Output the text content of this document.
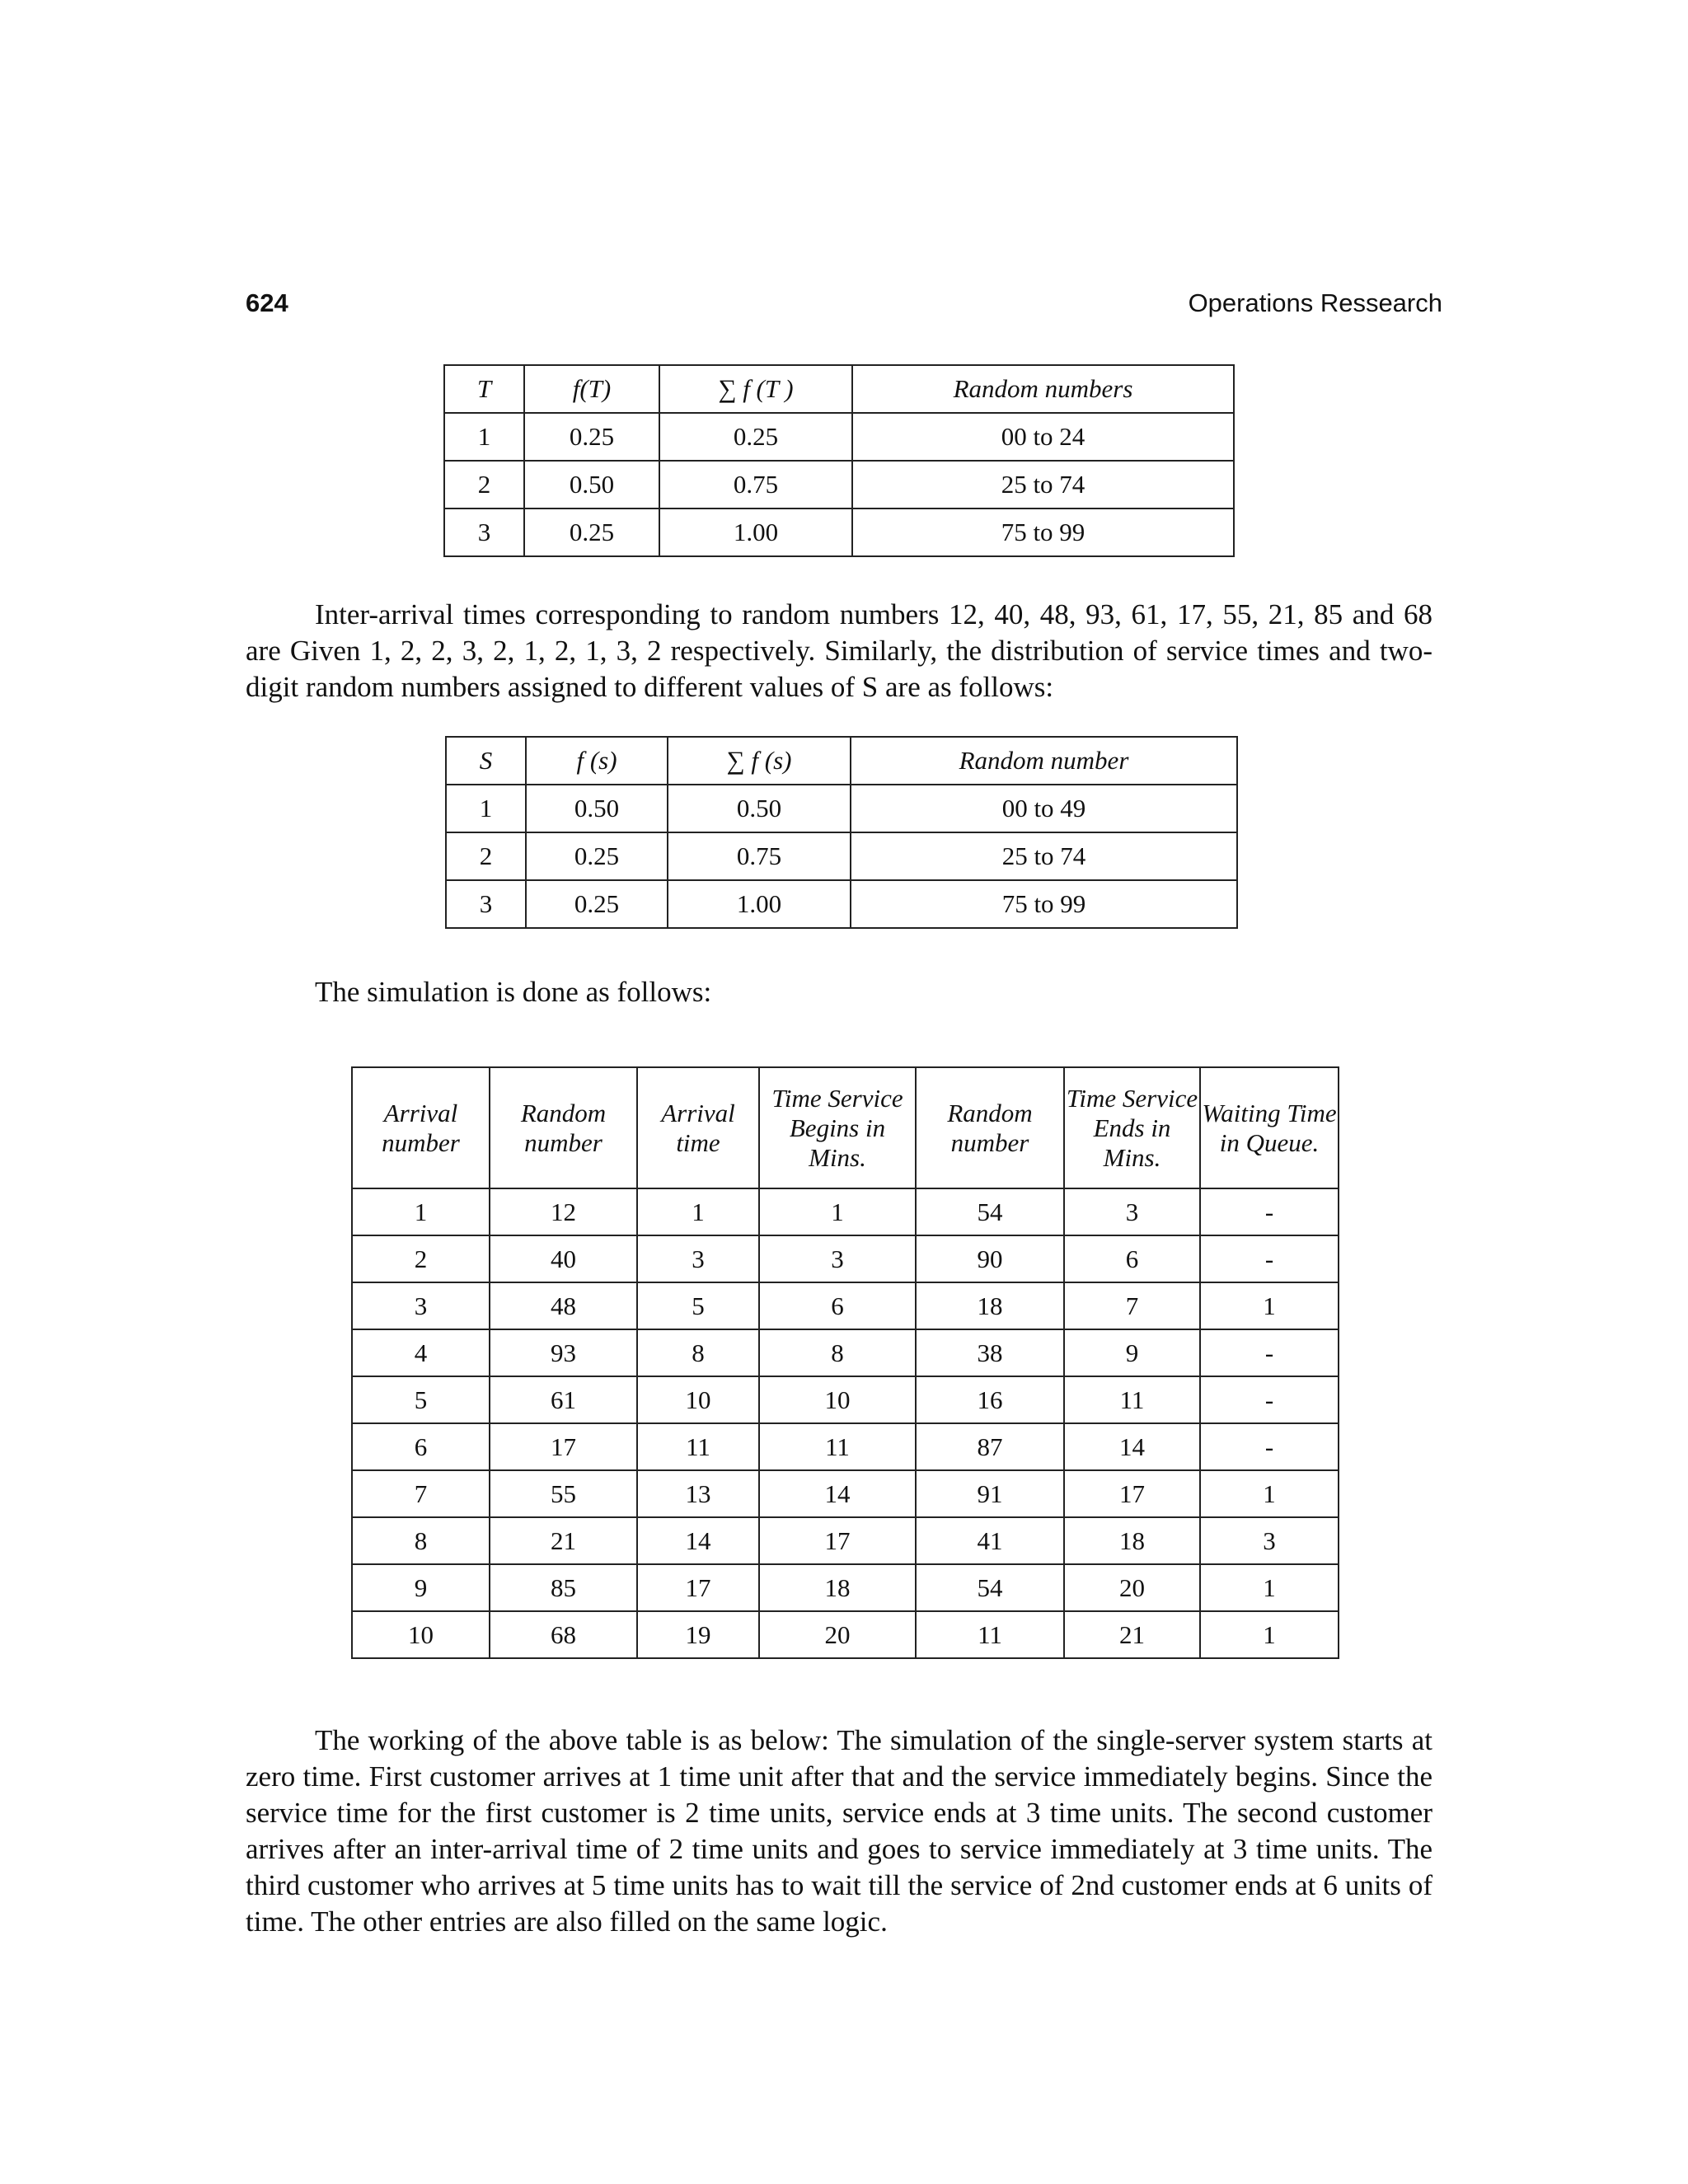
624	Operations Ressearch
T	f(T)	∑ f (T )	Random numbers
1	0.25	0.25	00 to 24
2	0.50	0.75	25 to 74
3	0.25	1.00	75 to 99

Inter-arrival times corresponding to random numbers 12, 40, 48, 93, 61, 17, 55, 21, 85 and 68 are Given 1, 2, 2, 3, 2, 1, 2, 1, 3, 2 respectively. Similarly, the distribution of service times and two-digit random numbers assigned to different values of S are as follows:

S	f (s)	∑ f (s)	Random number
1	0.50	0.50	00 to 49
2	0.25	0.75	25 to 74
3	0.25	1.00	75 to 99

The simulation is done as follows:

Arrival number	Random number	Arrival time	Time Service Begins in Mins.	Random number	Time Service Ends in Mins.	Waiting Time in Queue.
1	12	1	1	54	3	-
2	40	3	3	90	6	-
3	48	5	6	18	7	1
4	93	8	8	38	9	-
5	61	10	10	16	11	-
6	17	11	11	87	14	-
7	55	13	14	91	17	1
8	21	14	17	41	18	3
9	85	17	18	54	20	1
10	68	19	20	11	21	1

The working of the above table is as below: The simulation of the single-server system starts at zero time. First customer arrives at 1 time unit after that and the service immediately begins. Since the service time for the first customer is 2 time units, service ends at 3 time units. The second customer arrives after an inter-arrival time of 2 time units and goes to service immediately at 3 time units. The third customer who arrives at 5 time units has to wait till the service of 2nd customer ends at 6 units of time. The other entries are also filled on the same logic.
